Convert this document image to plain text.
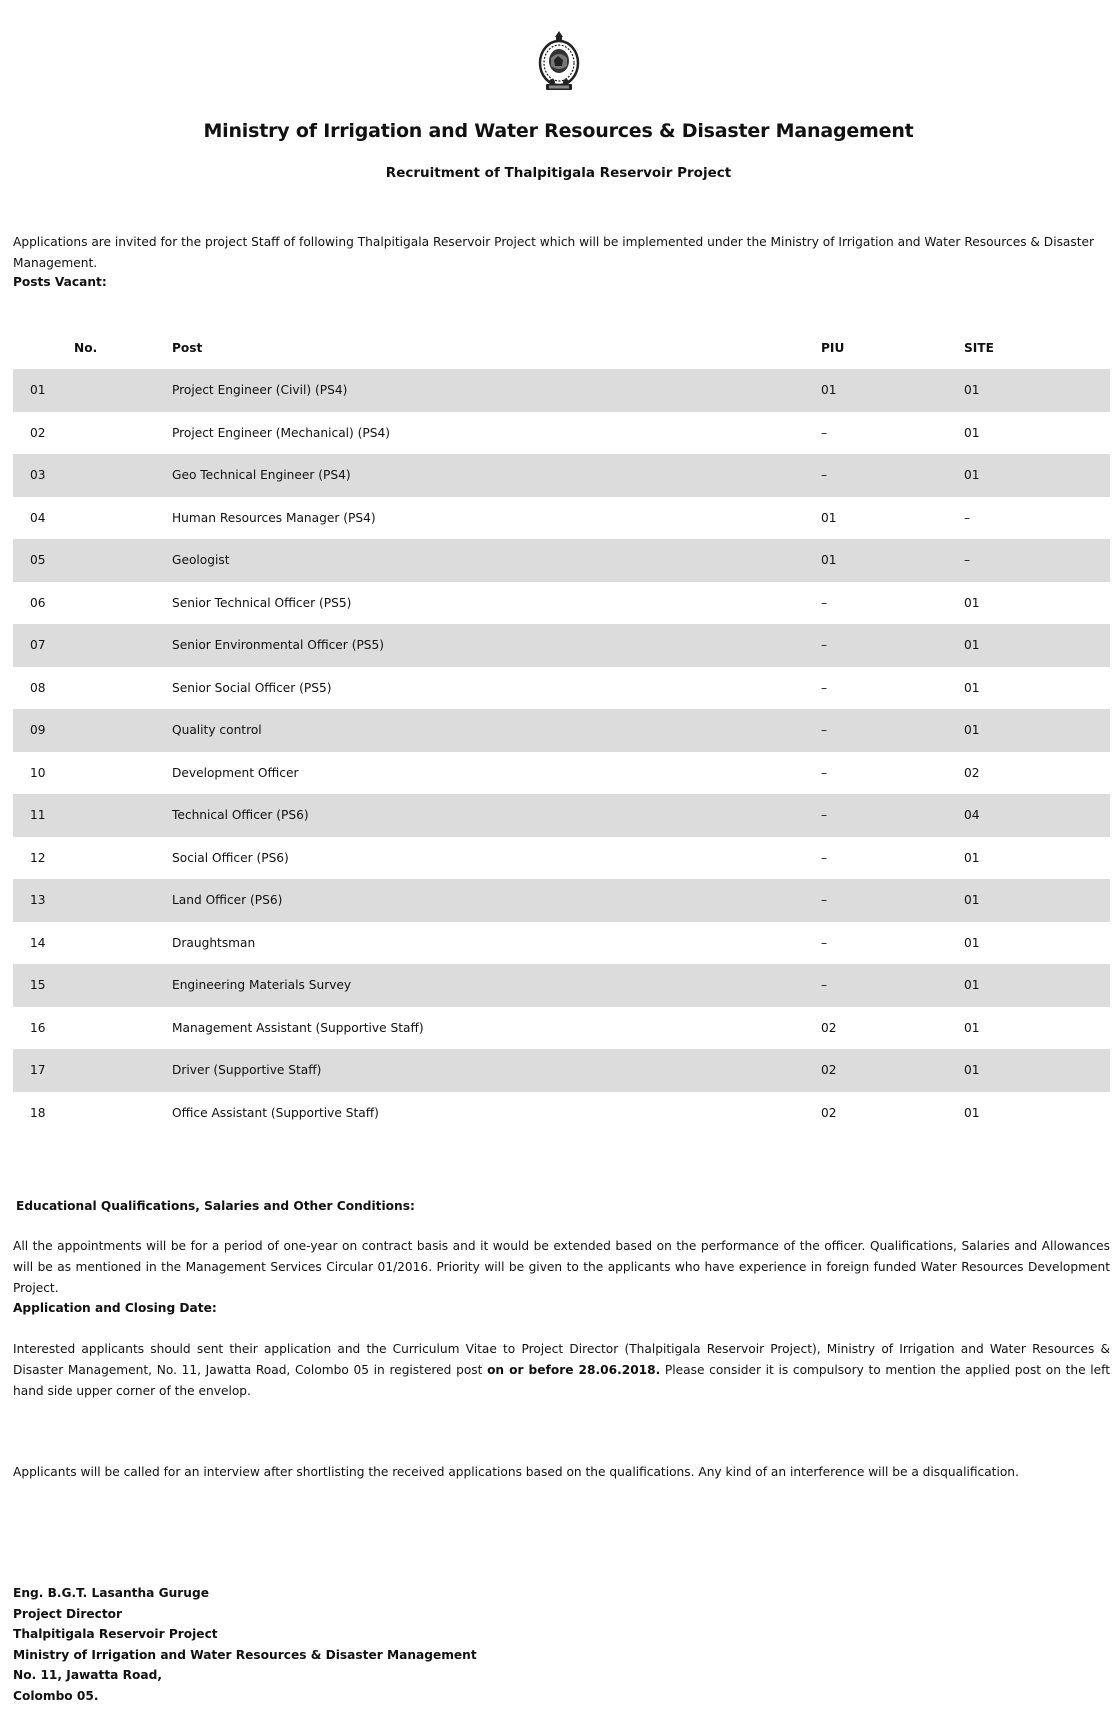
Ministry of Irrigation and Water Resources & Disaster Management
Recruitment of Thalpitigala Reservoir Project
Applications are invited for the project Staff of following Thalpitigala Reservoir Project which will be implemented under the Ministry of Irrigation and Water Resources & Disaster Management.
Posts Vacant:
No.	Post	PIU	SITE
01	Project Engineer (Civil) (PS4)	01	01
02	Project Engineer (Mechanical) (PS4)	–	01
03	Geo Technical Engineer (PS4)	–	01
04	Human Resources Manager (PS4)	01	–
05	Geologist	01	–
06	Senior Technical Officer (PS5)	–	01
07	Senior Environmental Officer (PS5)	–	01
08	Senior Social Officer (PS5)	–	01
09	Quality control	–	01
10	Development Officer	–	02
11	Technical Officer (PS6)	–	04
12	Social Officer (PS6)	–	01
13	Land Officer (PS6)	–	01
14	Draughtsman	–	01
15	Engineering Materials Survey	–	01
16	Management Assistant (Supportive Staff)	02	01
17	Driver (Supportive Staff)	02	01
18	Office Assistant (Supportive Staff)	02	01
Educational Qualifications, Salaries and Other Conditions:
All the appointments will be for a period of one-year on contract basis and it would be extended based on the performance of the officer. Qualifications, Salaries and Allowances will be as mentioned in the Management Services Circular 01/2016. Priority will be given to the applicants who have experience in foreign funded Water Resources Development Project.
Application and Closing Date:
Interested applicants should sent their application and the Curriculum Vitae to Project Director (Thalpitigala Reservoir Project), Ministry of Irrigation and Water Resources & Disaster Management, No. 11, Jawatta Road, Colombo 05 in registered post on or before 28.06.2018. Please consider it is compulsory to mention the applied post on the left hand side upper corner of the envelop.
Applicants will be called for an interview after shortlisting the received applications based on the qualifications. Any kind of an interference will be a disqualification.
Eng. B.G.T. Lasantha Guruge
Project Director
Thalpitigala Reservoir Project
Ministry of Irrigation and Water Resources & Disaster Management
No. 11, Jawatta Road,
Colombo 05.
